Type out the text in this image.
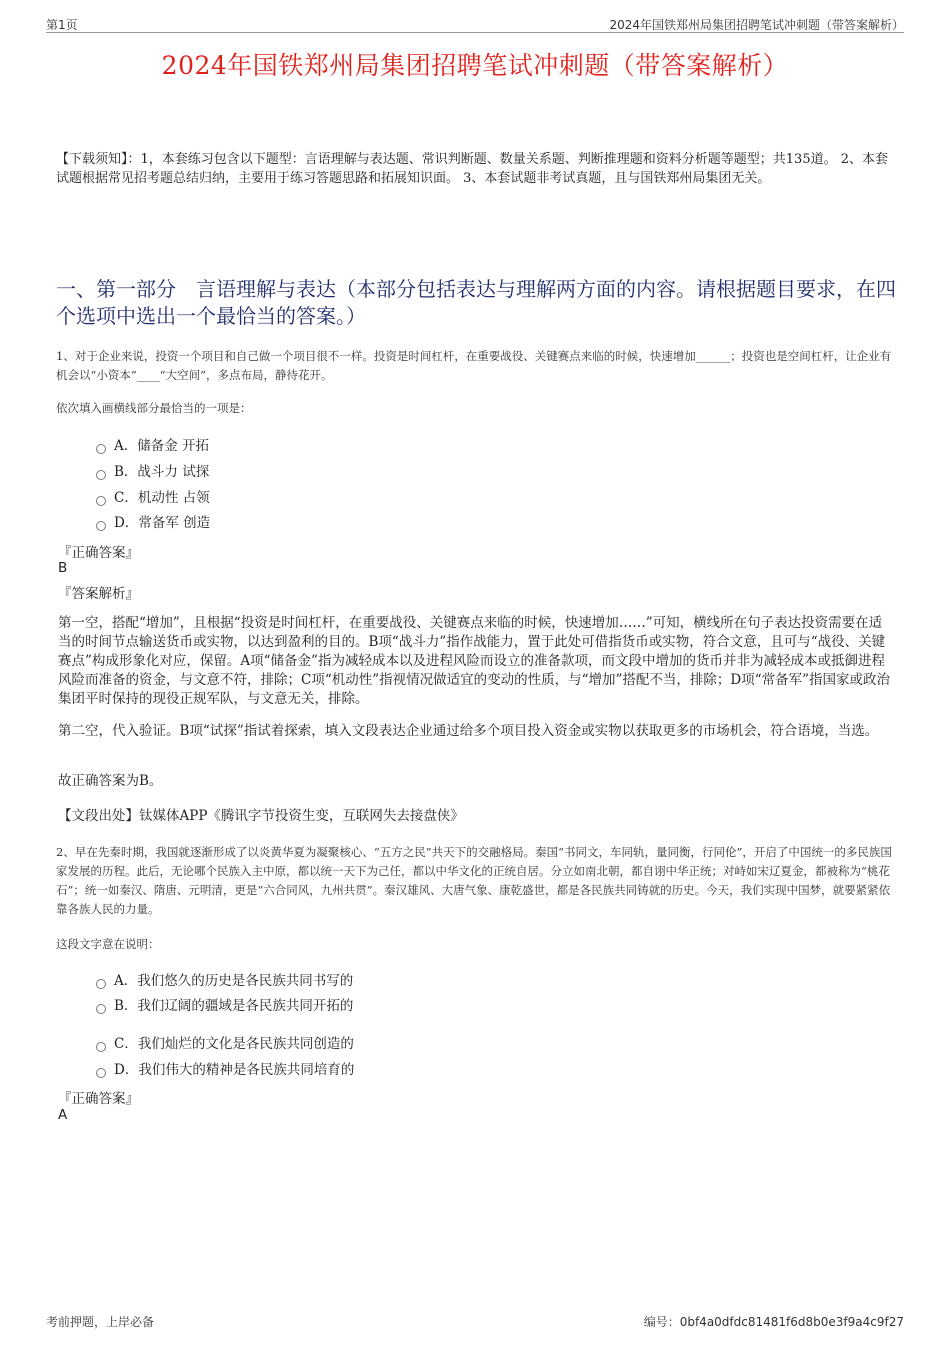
第1页	2024年国铁郑州局集团招聘笔试冲刺题（带答案解析）
2024年国铁郑州局集团招聘笔试冲刺题（带答案解析）
【下载须知】：1，本套练习包含以下题型：言语理解与表达题、常识判断题、数量关系题、判断推理题和资料分析题等题型；共135道。 2、本套试题根据常见招考题总结归纳，主要用于练习答题思路和拓展知识面。 3、本套试题非考试真题，且与国铁郑州局集团无关。
一、第一部分　言语理解与表达（本部分包括表达与理解两方面的内容。请根据题目要求，在四个选项中选出一个最恰当的答案。）
1、对于企业来说，投资一个项目和自己做一个项目很不一样。投资是时间杠杆，在重要战役、关键赛点来临的时候，快速增加______；投资也是空间杠杆，让企业有机会以“小资本”____“大空间”，多点布局，静待花开。
依次填入画横线部分最恰当的一项是：
A．储备金 开拓
B．战斗力 试探
C．机动性 占领
D．常备军 创造
『正确答案』
B
『答案解析』
第一空，搭配“增加”，且根据“投资是时间杠杆，在重要战役、关键赛点来临的时候，快速增加……”可知，横线所在句子表达投资需要在适当的时间节点输送货币或实物，以达到盈利的目的。B项“战斗力”指作战能力，置于此处可借指货币或实物，符合文意，且可与“战役、关键赛点”构成形象化对应，保留。A项“储备金”指为减轻成本以及进程风险而设立的准备款项，而文段中增加的货币并非为减轻成本或抵御进程风险而准备的资金，与文意不符，排除；C项“机动性”指视情况做适宜的变动的性质，与“增加”搭配不当，排除；D项“常备军”指国家或政治集团平时保持的现役正规军队，与文意无关，排除。
第二空，代入验证。B项“试探”指试着探索，填入文段表达企业通过给多个项目投入资金或实物以获取更多的市场机会，符合语境，当选。
故正确答案为B。
【文段出处】钛媒体APP《腾讯字节投资生变，互联网失去接盘侠》
2、早在先秦时期，我国就逐渐形成了以炎黄华夏为凝聚核心、“五方之民”共天下的交融格局。秦国“书同文，车同轨，量同衡，行同伦”，开启了中国统一的多民族国家发展的历程。此后，无论哪个民族入主中原，都以统一天下为己任，都以中华文化的正统自居。分立如南北朝，都自诩中华正统；对峙如宋辽夏金，都被称为“桃花石”；统一如秦汉、隋唐、元明清，更是“六合同风，九州共贯”。秦汉雄风、大唐气象、康乾盛世，都是各民族共同铸就的历史。今天，我们实现中国梦，就要紧紧依靠各族人民的力量。
这段文字意在说明：
A．我们悠久的历史是各民族共同书写的
B．我们辽阔的疆域是各民族共同开拓的
C．我们灿烂的文化是各民族共同创造的
D．我们伟大的精神是各民族共同培育的
『正确答案』
A
考前押题，上岸必备	编号：0bf4a0dfdc81481f6d8b0e3f9a4c9f27
